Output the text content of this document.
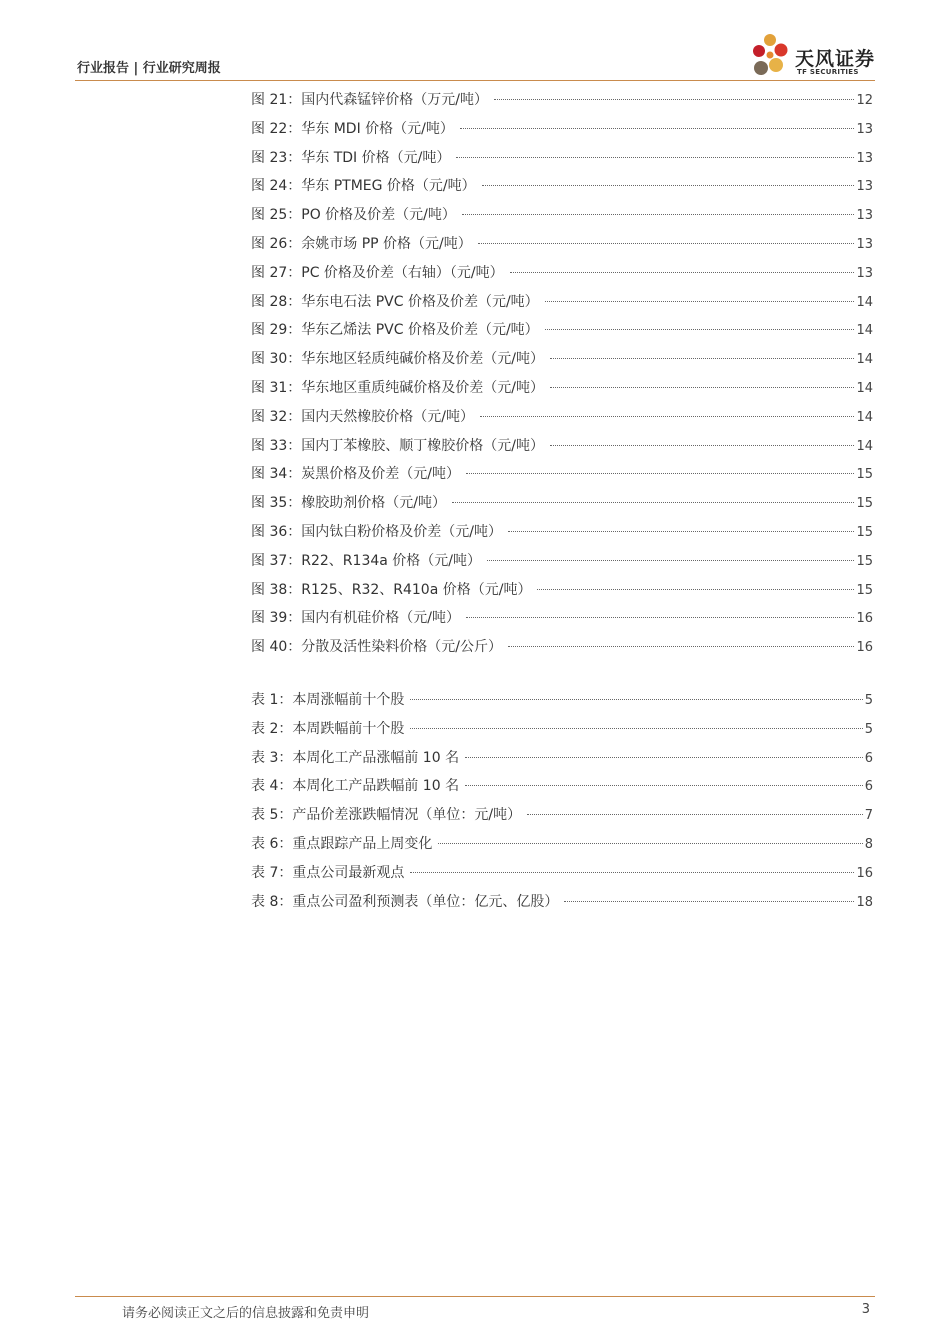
行业报告 | 行业研究周报	天风证券
TF SECURITIES
图 21：国内代森锰锌价格（万元/吨）	12
图 22：华东 MDI 价格（元/吨）	13
图 23：华东 TDI 价格（元/吨）	13
图 24：华东 PTMEG 价格（元/吨）	13
图 25：PO 价格及价差（元/吨）	13
图 26：余姚市场 PP 价格（元/吨）	13
图 27：PC 价格及价差（右轴）（元/吨）	13
图 28：华东电石法 PVC 价格及价差（元/吨）	14
图 29：华东乙烯法 PVC 价格及价差（元/吨）	14
图 30：华东地区轻质纯碱价格及价差（元/吨）	14
图 31：华东地区重质纯碱价格及价差（元/吨）	14
图 32：国内天然橡胶价格（元/吨）	14
图 33：国内丁苯橡胶、顺丁橡胶价格（元/吨）	14
图 34：炭黑价格及价差（元/吨）	15
图 35：橡胶助剂价格（元/吨）	15
图 36：国内钛白粉价格及价差（元/吨）	15
图 37：R22、R134a 价格（元/吨）	15
图 38：R125、R32、R410a 价格（元/吨）	15
图 39：国内有机硅价格（元/吨）	16
图 40：分散及活性染料价格（元/公斤）	16
表 1：本周涨幅前十个股	5
表 2：本周跌幅前十个股	5
表 3：本周化工产品涨幅前 10 名	6
表 4：本周化工产品跌幅前 10 名	6
表 5：产品价差涨跌幅情况（单位：元/吨）	7
表 6：重点跟踪产品上周变化	8
表 7：重点公司最新观点	16
表 8：重点公司盈利预测表（单位：亿元、亿股）	18
请务必阅读正文之后的信息披露和免责申明	3
